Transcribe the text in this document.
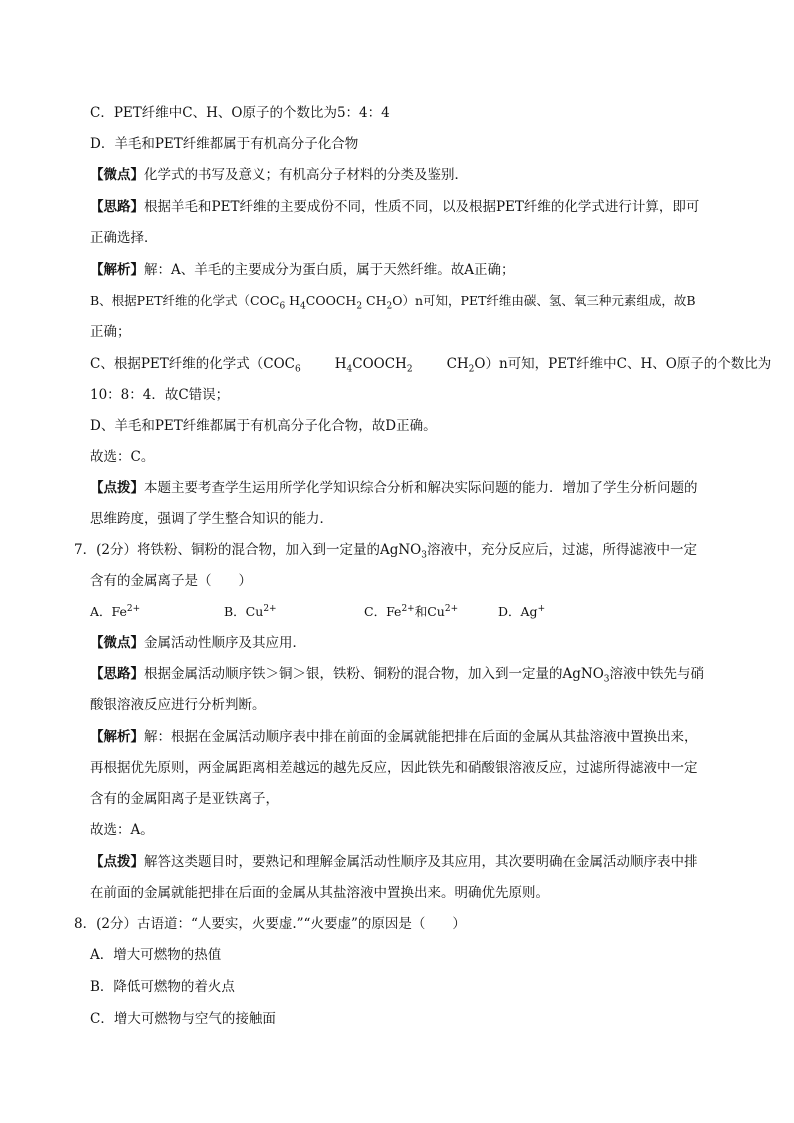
C．PET纤维中C、H、O原子的个数比为5：4：4
D．羊毛和PET纤维都属于有机高分子化合物
【微点】化学式的书写及意义；有机高分子材料的分类及鉴别．
【思路】根据羊毛和PET纤维的主要成份不同，性质不同，以及根据PET纤维的化学式进行计算，即可
正确选择．
【解析】解：A、羊毛的主要成分为蛋白质，属于天然纤维。故A正确；
B、根据PET纤维的化学式（$COC_6$ $H_4COOCH_2$ $CH_2O)n$可知，PET纤维由碳、氢、氧三种元素组成，故B
正确；
C、根据PET纤维的化学式（$COC_6$	$H_4COOCH_2$	$CH_2O)n$可知，PET纤维中C、H、O原子的个数比为
10：8：4．故C错误；
D、羊毛和PET纤维都属于有机高分子化合物，故D正确。
故选：C。
【点拨】本题主要考查学生运用所学化学知识综合分析和解决实际问题的能力．增加了学生分析问题的
思维跨度，强调了学生整合知识的能力．
7．(2分）将铁粉、铜粉的混合物，加入到一定量的AgNO$_3$溶液中，充分反应后，过滤，所得滤液中一定
含有的金属离子是（　　）
A．$Fe^{2+}$	B．$Cu^{2+}$	C．$Fe^{2+}$和$Cu^{2+}$	D．Ag+
【微点】金属活动性顺序及其应用．
【思路】根据金属活动顺序铁＞铜＞银，铁粉、铜粉的混合物，加入到一定量的AgNO$_3$溶液中铁先与硝
酸银溶液反应进行分析判断。
【解析】解：根据在金属活动顺序表中排在前面的金属就能把排在后面的金属从其盐溶液中置换出来，
再根据优先原则，两金属距离相差越远的越先反应，因此铁先和硝酸银溶液反应，过滤所得滤液中一定
含有的金属阳离子是亚铁离子，
故选：A。
【点拨】解答这类题目时，要熟记和理解金属活动性顺序及其应用，其次要明确在金属活动顺序表中排
在前面的金属就能把排在后面的金属从其盐溶液中置换出来。明确优先原则。
8．(2分）古语道：“人要实，火要虚.”“火要虚”的原因是（　　）
A．增大可燃物的热值
B．降低可燃物的着火点
C．增大可燃物与空气的接触面
